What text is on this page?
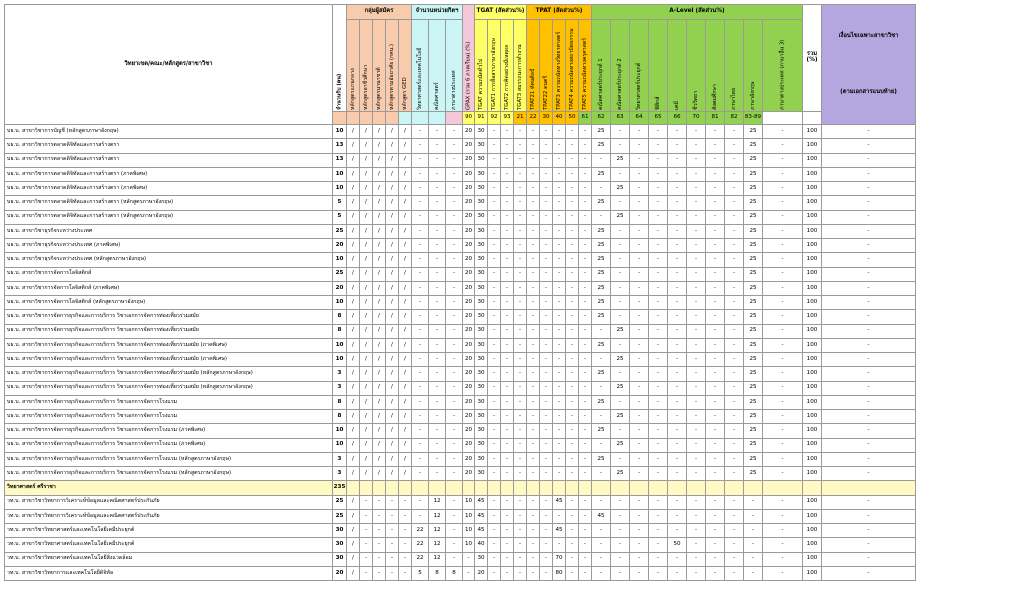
วิทยาเขต/คณะ/หลักสูตร/สาขาวิชา	จำนวนรับ (คน)	กลุ่มผู้สมัคร					จำนวนหน่วยกิตฯ			GPAX (รวม 6 ภาคเรียน) (%)	TGAT (สัดส่วน%)				TPAT (สัดส่วน%)					A-Level (สัดส่วน%)										รวม (%)	เงื่อนไขเฉพาะสาขาวิชา
(ตามเอกสารแนบท้าย)

		หลักสูตรแกนกลาง	หลักสูตรอาชีวศึกษา	หลักสูตรนานาชาติ	หลักสูตรตามอัธยาศัย (กศน.)	หลักสูตร GED	วิทยาศาสตร์และเทคโนโลยี	คณิตศาสตร์	ภาษาต่างประเทศ		TGAT ความถนัดทั่วไป	TGAT1 การสื่อสารภาษาอังกฤษ	TGAT2 การคิดอย่างมีเหตุผล	TGAT3 สมรรถนะการทำงาน	TPAT21 ทัศนศิลป์	TPAT22 ดนตรี	TPAT3 ความถนัดทางวิทยาศาสตร์	TPAT4 ความถนัดทางสถาปัตยกรรม	TPAT5 ความถนัดทางครุศาสตร์	คณิตศาสตร์ประยุกต์ 1	คณิตศาสตร์ประยุกต์ 2	วิทยาศาสตร์ประยุกต์	ฟิสิกส์	เคมี	ชีววิทยา	สังคมศึกษา	ภาษาไทย	ภาษาอังกฤษ	ภาษาต่างประเทศ (ภาษาอื่น 3)		
										90	91	92	93	21	22	30	40	50	61	62	63	64	65	66	70	81	82	83-89			
บธ.บ. สาขาวิชาการบัญชี (หลักสูตรภาษาอังกฤษ)	10	/	/	/	/	/	-	-	-	20	30	-	-	-	-	-	-	-	-	25	-	-	-	-	-	-	-	25	-	100	-
บธ.บ. สาขาวิชาการตลาดดิจิทัลและการสร้างตรา	13	/	/	/	/	/	-	-	-	20	30	-	-	-	-	-	-	-	-	25	-	-	-	-	-	-	-	25	-	100	-
บธ.บ. สาขาวิชาการตลาดดิจิทัลและการสร้างตรา	13	/	/	/	/	/	-	-	-	20	30	-	-	-	-	-	-	-	-	-	25	-	-	-	-	-	-	25	-	100	-
บธ.บ. สาขาวิชาการตลาดดิจิทัลและการสร้างตรา (ภาคพิเศษ)	10	/	/	/	/	/	-	-	-	20	30	-	-	-	-	-	-	-	-	25	-	-	-	-	-	-	-	25	-	100	-
บธ.บ. สาขาวิชาการตลาดดิจิทัลและการสร้างตรา (ภาคพิเศษ)	10	/	/	/	/	/	-	-	-	20	30	-	-	-	-	-	-	-	-	-	25	-	-	-	-	-	-	25	-	100	-
บธ.บ. สาขาวิชาการตลาดดิจิทัลและการสร้างตรา (หลักสูตรภาษาอังกฤษ)	5	/	/	/	/	/	-	-	-	20	30	-	-	-	-	-	-	-	-	25	-	-	-	-	-	-	-	25	-	100	-
บธ.บ. สาขาวิชาการตลาดดิจิทัลและการสร้างตรา (หลักสูตรภาษาอังกฤษ)	5	/	/	/	/	/	-	-	-	20	30	-	-	-	-	-	-	-	-	-	25	-	-	-	-	-	-	25	-	100	-
บธ.บ. สาขาวิชาธุรกิจระหว่างประเทศ	25	/	/	/	/	/	-	-	-	20	30	-	-	-	-	-	-	-	-	25	-	-	-	-	-	-	-	25	-	100	-
บธ.บ. สาขาวิชาธุรกิจระหว่างประเทศ (ภาคพิเศษ)	20	/	/	/	/	/	-	-	-	20	30	-	-	-	-	-	-	-	-	25	-	-	-	-	-	-	-	25	-	100	-
บธ.บ. สาขาวิชาธุรกิจระหว่างประเทศ (หลักสูตรภาษาอังกฤษ)	10	/	/	/	/	/	-	-	-	20	30	-	-	-	-	-	-	-	-	25	-	-	-	-	-	-	-	25	-	100	-
บธ.บ. สาขาวิชาการจัดการโลจิสติกส์	25	/	/	/	/	/	-	-	-	20	30	-	-	-	-	-	-	-	-	25	-	-	-	-	-	-	-	25	-	100	-
บธ.บ. สาขาวิชาการจัดการโลจิสติกส์ (ภาคพิเศษ)	20	/	/	/	/	/	-	-	-	20	30	-	-	-	-	-	-	-	-	25	-	-	-	-	-	-	-	25	-	100	-
บธ.บ. สาขาวิชาการจัดการโลจิสติกส์ (หลักสูตรภาษาอังกฤษ)	10	/	/	/	/	/	-	-	-	20	30	-	-	-	-	-	-	-	-	25	-	-	-	-	-	-	-	25	-	100	-
บธ.บ. สาขาวิชาการจัดการธุรกิจและการบริการ วิชาเอกการจัดการท่องเที่ยวร่วมสมัย	8	/	/	/	/	/	-	-	-	20	30	-	-	-	-	-	-	-	-	25	-	-	-	-	-	-	-	25	-	100	-
บธ.บ. สาขาวิชาการจัดการธุรกิจและการบริการ วิชาเอกการจัดการท่องเที่ยวร่วมสมัย	8	/	/	/	/	/	-	-	-	20	30	-	-	-	-	-	-	-	-	-	25	-	-	-	-	-	-	25	-	100	-
บธ.บ. สาขาวิชาการจัดการธุรกิจและการบริการ วิชาเอกการจัดการท่องเที่ยวร่วมสมัย (ภาคพิเศษ)	10	/	/	/	/	/	-	-	-	20	30	-	-	-	-	-	-	-	-	25	-	-	-	-	-	-	-	25	-	100	-
บธ.บ. สาขาวิชาการจัดการธุรกิจและการบริการ วิชาเอกการจัดการท่องเที่ยวร่วมสมัย (ภาคพิเศษ)	10	/	/	/	/	/	-	-	-	20	30	-	-	-	-	-	-	-	-	-	25	-	-	-	-	-	-	25	-	100	-
บธ.บ. สาขาวิชาการจัดการธุรกิจและการบริการ วิชาเอกการจัดการท่องเที่ยวร่วมสมัย (หลักสูตรภาษาอังกฤษ)	3	/	/	/	/	/	-	-	-	20	30	-	-	-	-	-	-	-	-	25	-	-	-	-	-	-	-	25	-	100	-
บธ.บ. สาขาวิชาการจัดการธุรกิจและการบริการ วิชาเอกการจัดการท่องเที่ยวร่วมสมัย (หลักสูตรภาษาอังกฤษ)	3	/	/	/	/	/	-	-	-	20	30	-	-	-	-	-	-	-	-	-	25	-	-	-	-	-	-	25	-	100	-
บธ.บ. สาขาวิชาการจัดการธุรกิจและการบริการ วิชาเอกการจัดการโรงแรม	8	/	/	/	/	/	-	-	-	20	30	-	-	-	-	-	-	-	-	25	-	-	-	-	-	-	-	25	-	100	-
บธ.บ. สาขาวิชาการจัดการธุรกิจและการบริการ วิชาเอกการจัดการโรงแรม	8	/	/	/	/	/	-	-	-	20	30	-	-	-	-	-	-	-	-	-	25	-	-	-	-	-	-	25	-	100	-
บธ.บ. สาขาวิชาการจัดการธุรกิจและการบริการ วิชาเอกการจัดการโรงแรม (ภาคพิเศษ)	10	/	/	/	/	/	-	-	-	20	30	-	-	-	-	-	-	-	-	25	-	-	-	-	-	-	-	25	-	100	-
บธ.บ. สาขาวิชาการจัดการธุรกิจและการบริการ วิชาเอกการจัดการโรงแรม (ภาคพิเศษ)	10	/	/	/	/	/	-	-	-	20	30	-	-	-	-	-	-	-	-	-	25	-	-	-	-	-	-	25	-	100	-
บธ.บ. สาขาวิชาการจัดการธุรกิจและการบริการ วิชาเอกการจัดการโรงแรม (หลักสูตรภาษาอังกฤษ)	3	/	/	/	/	/	-	-	-	20	30	-	-	-	-	-	-	-	-	25	-	-	-	-	-	-	-	25	-	100	-
บธ.บ. สาขาวิชาการจัดการธุรกิจและการบริการ วิชาเอกการจัดการโรงแรม (หลักสูตรภาษาอังกฤษ)	3	/	/	/	/	/	-	-	-	20	30	-	-	-	-	-	-	-	-	-	25	-	-	-	-	-	-	25	-	100	-
วิทยาศาสตร์ ศรีราชา	235																														
วท.บ. สาขาวิชาวิทยาการวิเคราะห์ข้อมูลและคณิตศาสตร์ประกันภัย	25	/	-	-	-	-	-	12	-	10	45	-	-	-	-	-	45	-	-	-	-	-	-	-	-	-	-	-	-	100	-
วท.บ. สาขาวิชาวิทยาการวิเคราะห์ข้อมูลและคณิตศาสตร์ประกันภัย	25	/	-	-	-	-	-	12	-	10	45	-	-	-	-	-	-	-	-	45	-	-	-	-	-	-	-	-	-	100	-
วท.บ. สาขาวิชาวิทยาศาสตร์และเทคโนโลยีเคมีประยุกต์	30	/	-	-	-	-	22	12	-	10	45	-	-	-	-	-	45	-	-	-	-	-	-	-	-	-	-	-	-	100	-
วท.บ. สาขาวิชาวิทยาศาสตร์และเทคโนโลยีเคมีประยุกต์	30	/	-	-	-	-	22	12	-	10	40	-	-	-	-	-	-	-	-	-	-	-	-	50	-	-	-	-	-	100	-
วท.บ. สาขาวิชาวิทยาศาสตร์และเทคโนโลยีสิ่งแวดล้อม	30	/	-	-	-	-	22	12	-	-	30	-	-	-	-	-	70	-	-	-	-	-	-	-	-	-	-	-	-	100	-
วท.บ. สาขาวิชาวิทยาการและเทคโนโลยีดิจิทัล	20	/	-	-	-	-	5	8	8	-	20	-	-	-	-	-	80	-	-	-	-	-	-	-	-	-	-	-	-	100	-
